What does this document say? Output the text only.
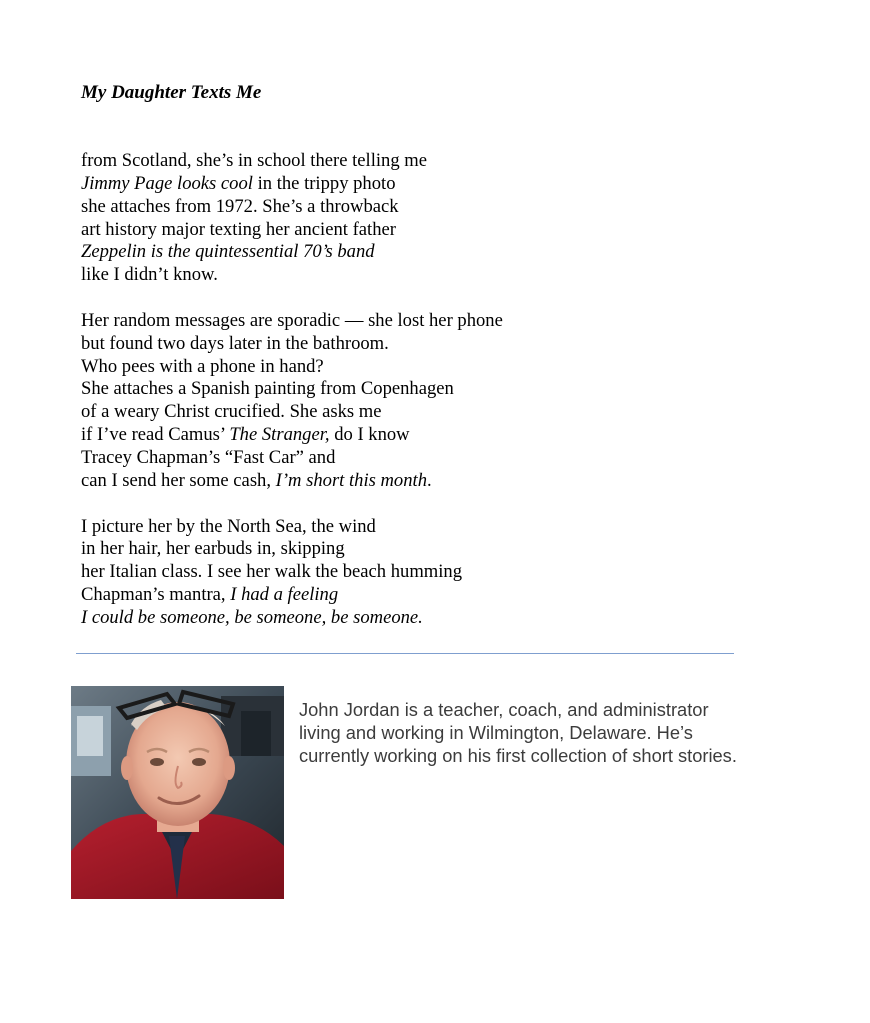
My Daughter Texts Me
from Scotland, she’s in school there telling me
Jimmy Page looks cool in the trippy photo
she attaches from 1972. She’s a throwback
art history major texting her ancient father
Zeppelin is the quintessential 70’s band
like I didn’t know.
Her random messages are sporadic — she lost her phone
but found two days later in the bathroom.
Who pees with a phone in hand?
She attaches a Spanish painting from Copenhagen
of a weary Christ crucified. She asks me
if I’ve read Camus’ The Stranger, do I know
Tracey Chapman’s “Fast Car” and
can I send her some cash, I’m short this month.
I picture her by the North Sea, the wind
in her hair, her earbuds in, skipping
her Italian class. I see her walk the beach humming
Chapman’s mantra, I had a feeling
I could be someone, be someone, be someone.
John Jordan is a teacher, coach, and administrator
living and working in Wilmington, Delaware. He’s
currently working on his first collection of short stories.
